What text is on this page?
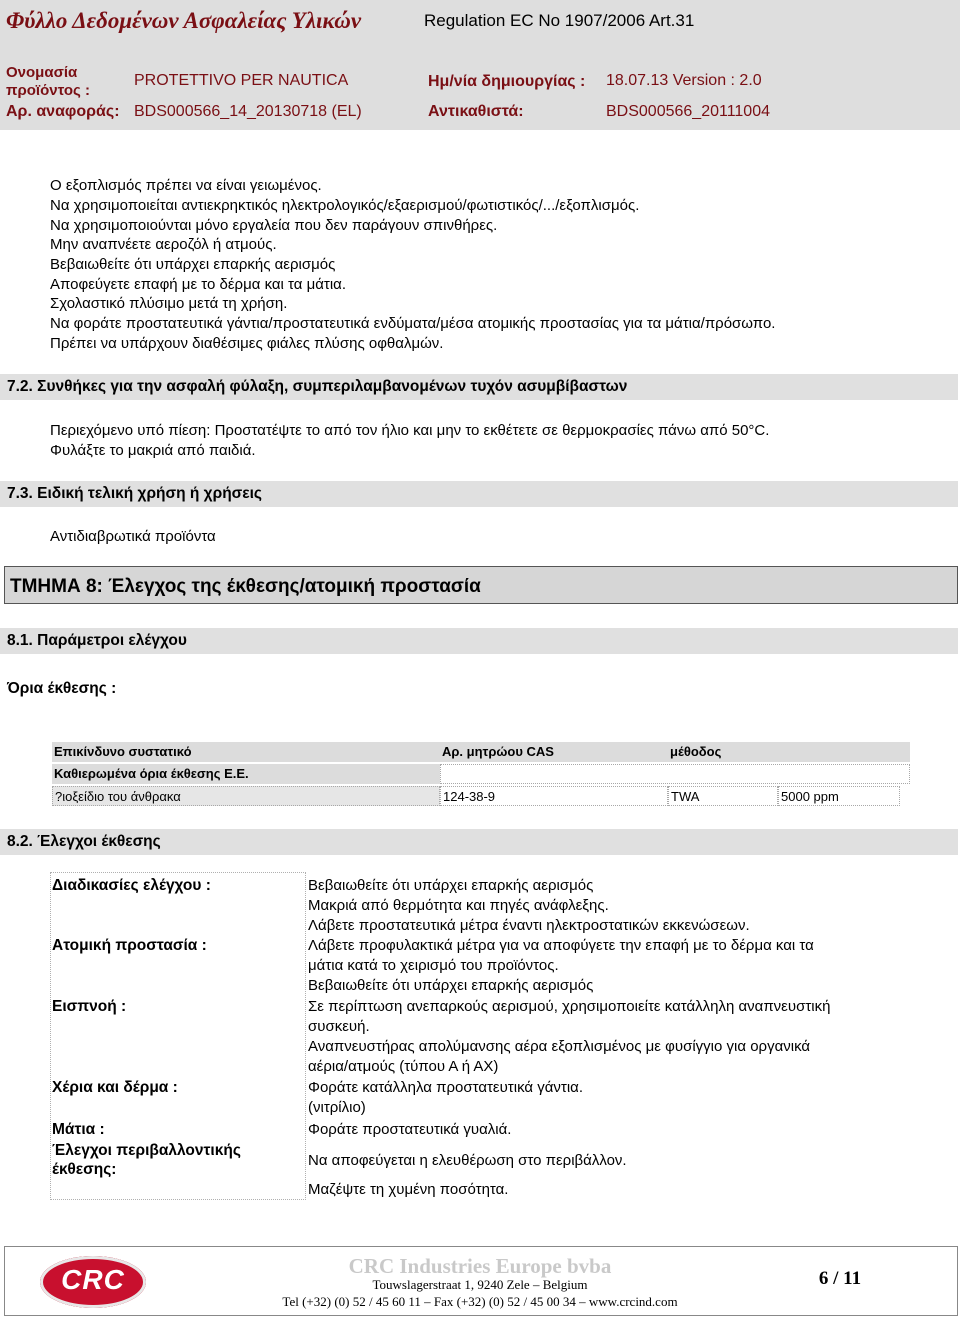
Φύλλο Δεδομένων Ασφαλείας Υλικών	Regulation EC No 1907/2006 Art.31
Ονομασία
προϊόντος :
PROTETTIVO PER NAUTICA	Ημ/νία δημιουργίας : 18.07.13 Version : 2.0
Αρ. αναφοράς: BDS000566_14_20130718 (EL)	Αντικαθιστά:	BDS000566_20111004
Ο εξοπλισμός πρέπει να είναι γειωμένος.
Να χρησιμοποιείται αντιεκρηκτικός ηλεκτρολογικός/εξαερισμού/φωτιστικός/.../εξοπλισμός.
Να χρησιμοποιούνται μόνο εργαλεία που δεν παράγουν σπινθήρες.
Μην αναπνέετε αεροζόλ ή ατμούς.
Βεβαιωθείτε ότι υπάρχει επαρκής αερισμός
Αποφεύγετε επαφή με το δέρμα και τα μάτια.
Σχολαστικό πλύσιμο μετά τη χρήση.
Να φοράτε προστατευτικά γάντια/προστατευτικά ενδύματα/μέσα ατομικής προστασίας για τα μάτια/πρόσωπο.
Πρέπει να υπάρχουν διαθέσιμες φιάλες πλύσης οφθαλμών.
7.2. Συνθήκες για την ασφαλή φύλαξη, συμπεριλαμβανομένων τυχόν ασυμβίβαστων
Περιεχόμενο υπό πίεση: Προστατέψτε το από τον ήλιο και μην το εκθέτετε σε θερμοκρασίες πάνω από 50°C.
Φυλάξτε το μακριά από παιδιά.
7.3. Ειδική τελική χρήση ή χρήσεις
Αντιδιαβρωτικά προϊόντα
ΤΜΗΜΑ 8: Έλεγχος της έκθεσης/ατομική προστασία
8.1. Παράμετροι ελέγχου
Όρια έκθεσης :
Επικίνδυνο συστατικό	Αρ. μητρώου CAS	μέθοδος
Καθιερωμένα όρια έκθεσης Ε.Ε.
?ιοξείδιο του άνθρακα	124-38-9	TWA	5000 ppm
8.2. Έλεγχοι έκθεσης
Διαδικασίες ελέγχου :	Βεβαιωθείτε ότι υπάρχει επαρκής αερισμός
Μακριά από θερμότητα και πηγές ανάφλεξης.
Λάβετε προστατευτικά μέτρα έναντι ηλεκτροστατικών εκκενώσεων.
Ατομική προστασία :	Λάβετε προφυλακτικά μέτρα για να αποφύγετε την επαφή με το δέρμα και τα
μάτια κατά το χειρισμό του προϊόντος.
Βεβαιωθείτε ότι υπάρχει επαρκής αερισμός
Εισπνοή :	Σε περίπτωση ανεπαρκούς αερισμού, χρησιμοποιείτε κατάλληλη αναπνευστική
συσκευή.
Αναπνευστήρας απολύμανσης αέρα εξοπλισμένος με φυσίγγιο για οργανικά
αέρια/ατμούς (τύπου Α ή ΑΧ)
Χέρια και δέρμα :	Φοράτε κατάλληλα προστατευτικά γάντια.
(νιτρίλιο)
Μάτια :	Φοράτε προστατευτικά γυαλιά.
Έλεγχοι περιβαλλοντικής
έκθεσης:
Να αποφεύγεται η ελευθέρωση στο περιβάλλον.
Μαζέψτε τη χυμένη ποσότητα.
CRC	CRC Industries Europe bvba
Touwslagerstraat 1, 9240 Zele – Belgium
Tel (+32) (0) 52 / 45 60 11 – Fax (+32) (0) 52 / 45 00 34 – www.crcind.com
6 / 11
